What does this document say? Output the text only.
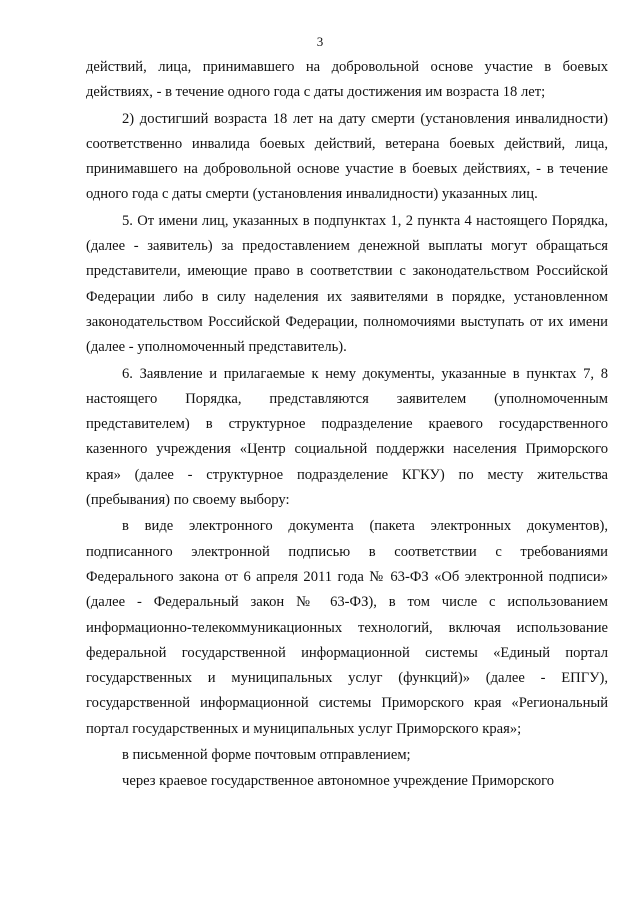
3

действий, лица, принимавшего на добровольной основе участие в боевых действиях, - в течение одного года с даты достижения им возраста 18 лет;

2) достигший возраста 18 лет на дату смерти (установления инвалидности) соответственно инвалида боевых действий, ветерана боевых действий, лица, принимавшего на добровольной основе участие в боевых действиях, - в течение одного года с даты смерти (установления инвалидности) указанных лиц.

5. От имени лиц, указанных в подпунктах 1, 2 пункта 4 настоящего Порядка, (далее - заявитель) за предоставлением денежной выплаты могут обращаться представители, имеющие право в соответствии с законодательством Российской Федерации либо в силу наделения их заявителями в порядке, установленном законодательством Российской Федерации, полномочиями выступать от их имени (далее - уполномоченный представитель).

6. Заявление и прилагаемые к нему документы, указанные в пунктах 7, 8 настоящего Порядка, представляются заявителем (уполномоченным представителем) в структурное подразделение краевого государственного казенного учреждения «Центр социальной поддержки населения Приморского края» (далее - структурное подразделение КГКУ) по месту жительства (пребывания) по своему выбору:

в виде электронного документа (пакета электронных документов), подписанного электронной подписью в соответствии с требованиями Федерального закона от 6 апреля 2011 года № 63-ФЗ «Об электронной подписи» (далее - Федеральный закон № 63-ФЗ), в том числе с использованием информационно-телекоммуникационных технологий, включая использование федеральной государственной информационной системы «Единый портал государственных и муниципальных услуг (функций)» (далее - ЕПГУ), государственной информационной системы Приморского края «Региональный портал государственных и муниципальных услуг Приморского края»;

в письменной форме почтовым отправлением;

через краевое государственное автономное учреждение Приморского
